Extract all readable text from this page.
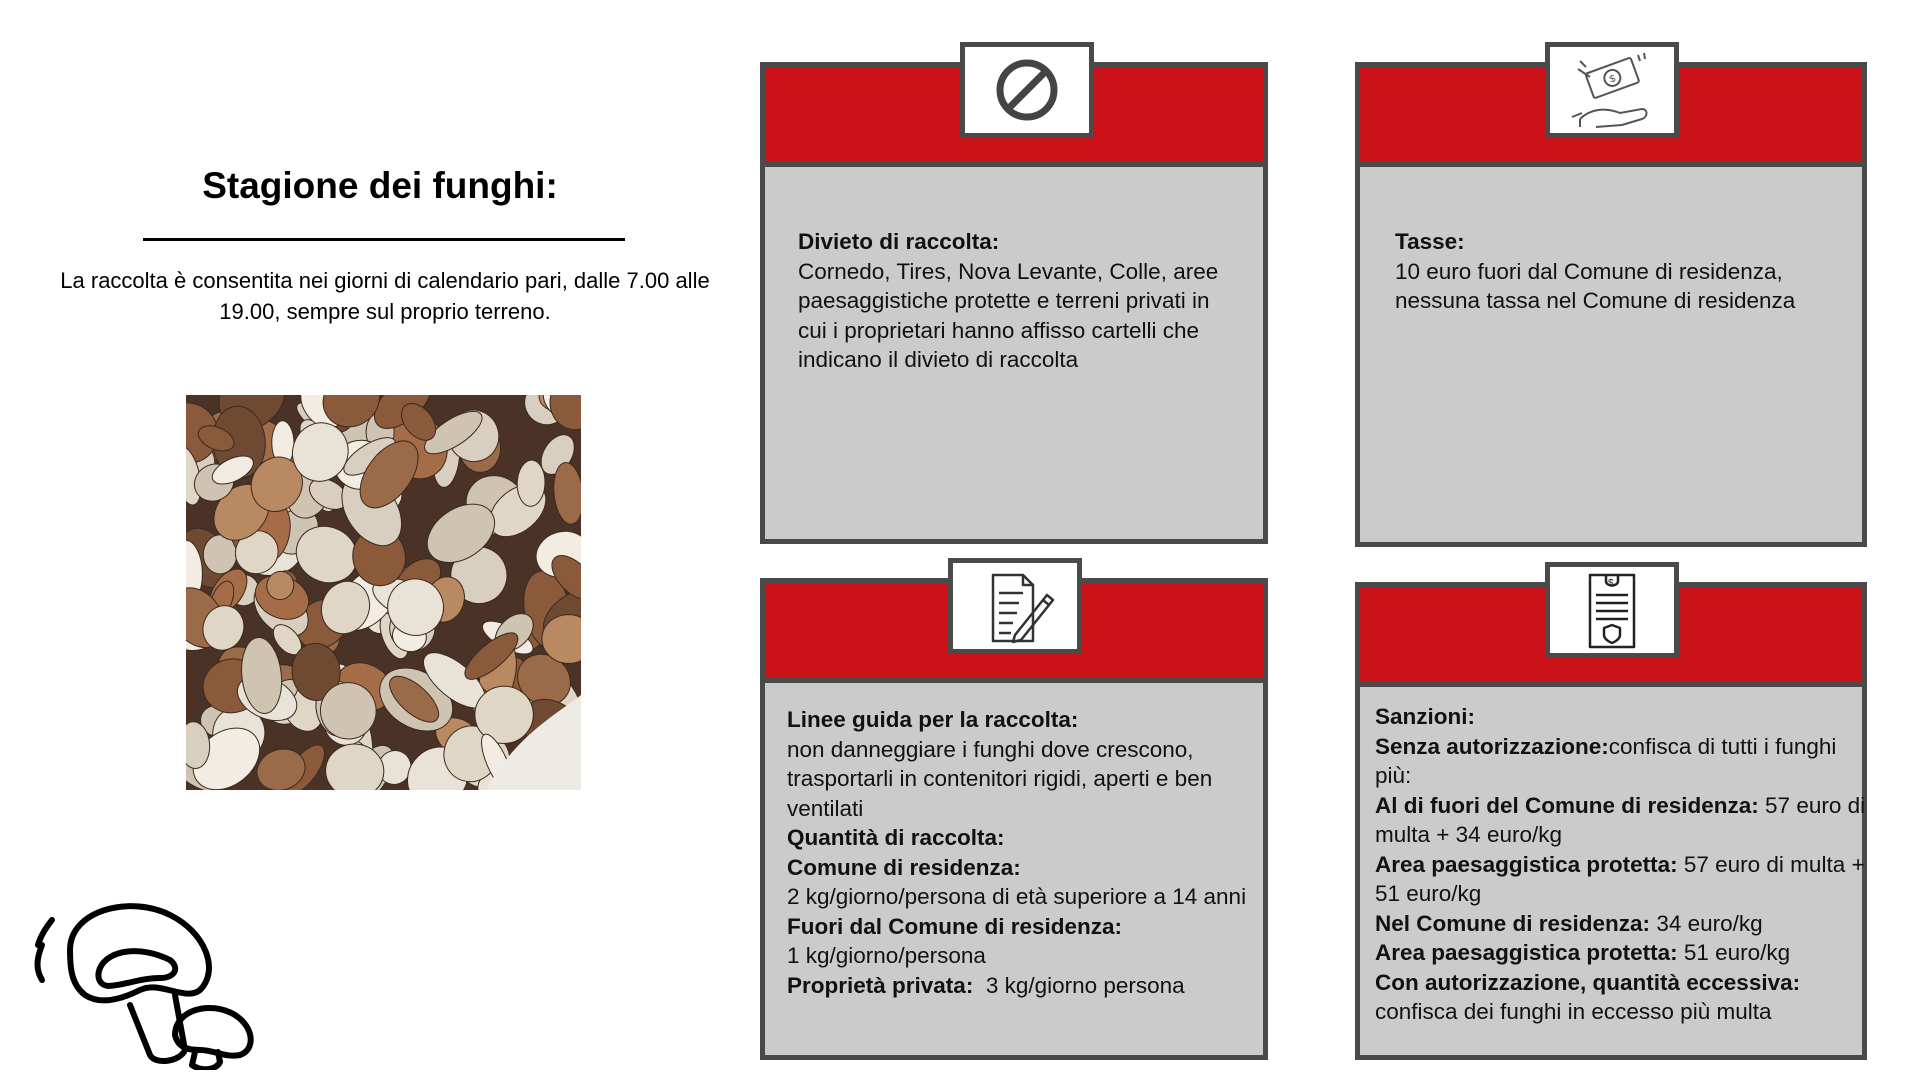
Stagione dei funghi:

La raccolta è consentita nei giorni di calendario pari, dalle 7.00 alle 19.00, sempre sul proprio terreno.

Divieto di raccolta:
Cornedo, Tires, Nova Levante, Colle, aree paesaggistiche protette e terreni privati in cui i proprietari hanno affisso cartelli che indicano il divieto di raccolta
$
Tasse:
10 euro fuori dal Comune di residenza, nessuna tassa nel Comune di residenza
Linee guida per la raccolta:
non danneggiare i funghi dove crescono, trasportarli in contenitori rigidi, aperti e ben ventilati
Quantità di raccolta:
Comune di residenza:
2 kg/giorno/persona di età superiore a 14 anni
Fuori dal Comune di residenza:
1 kg/giorno/persona
Proprietà privata:  3 kg/giorno persona
$
Sanzioni:
Senza autorizzazione:confisca di tutti i funghi più:
Al di fuori del Comune di residenza: 57 euro di multa + 34 euro/kg
Area paesaggistica protetta: 57 euro di multa + 51 euro/kg
Nel Comune di residenza: 34 euro/kg
Area paesaggistica protetta: 51 euro/kg
Con autorizzazione, quantità eccessiva:
confisca dei funghi in eccesso più multa
